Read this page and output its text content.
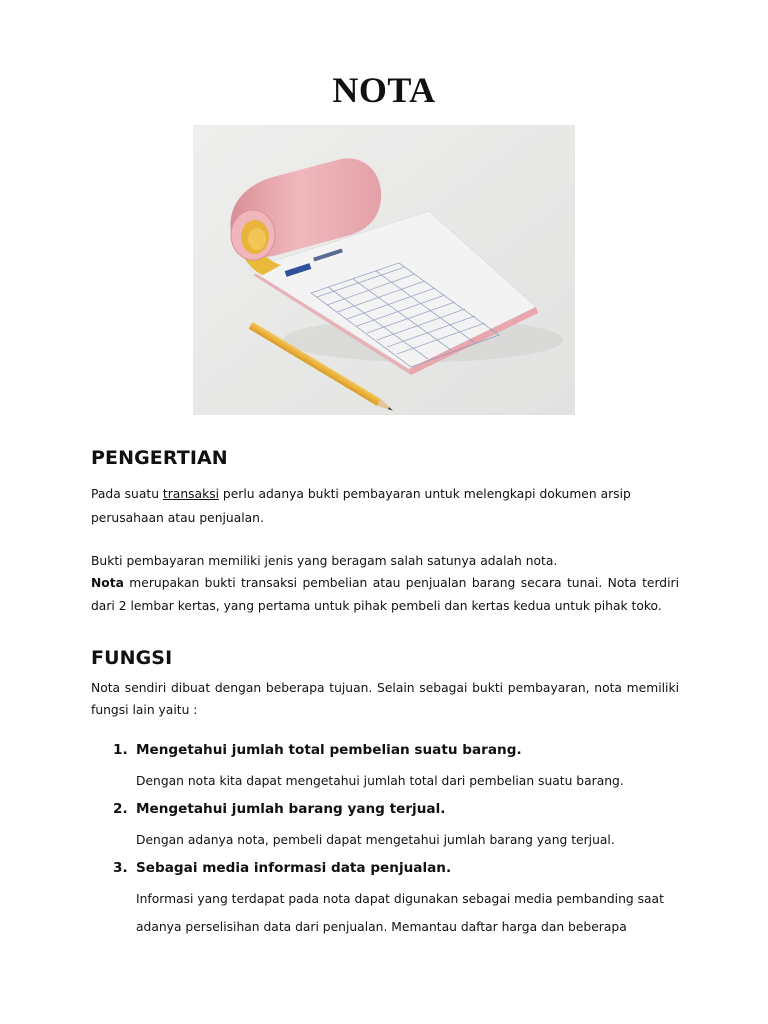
NOTA
PENGERTIAN
Pada suatu transaksi perlu adanya bukti pembayaran untuk melengkapi dokumen arsip
perusahaan atau penjualan.
Bukti pembayaran memiliki jenis yang beragam salah satunya adalah nota.
Nota merupakan bukti transaksi pembelian atau penjualan barang secara tunai. Nota terdiri dari 2 lembar kertas, yang pertama untuk pihak pembeli dan kertas kedua untuk pihak toko.
FUNGSI
Nota sendiri dibuat dengan beberapa tujuan. Selain sebagai bukti pembayaran, nota memiliki fungsi lain yaitu :
1. Mengetahui jumlah total pembelian suatu barang.
Dengan nota kita dapat mengetahui jumlah total dari pembelian suatu barang.
2. Mengetahui jumlah barang yang terjual.
Dengan adanya nota, pembeli dapat mengetahui jumlah barang yang terjual.
3. Sebagai media informasi data penjualan.
Informasi yang terdapat pada nota dapat digunakan sebagai media pembanding saat
adanya perselisihan data dari penjualan. Memantau daftar harga dan beberapa
